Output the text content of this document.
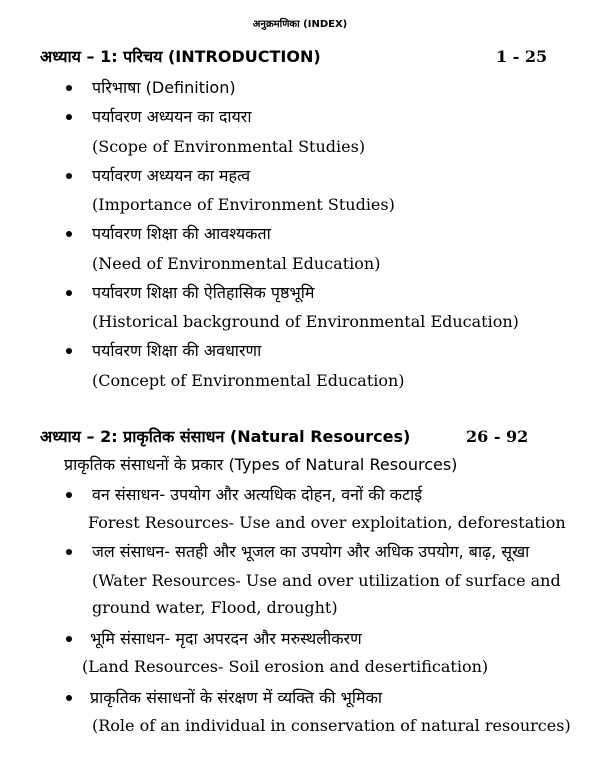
अनुक्रमणिका (INDEX)
अध्याय – 1: परिचय (INTRODUCTION)	1 - 25
परिभाषा (Definition)
पर्यावरण अध्ययन का दायरा
(Scope of Environmental Studies)
पर्यावरण अध्ययन का महत्व
(Importance of Environment Studies)
पर्यावरण शिक्षा की आवश्यकता
(Need of Environmental Education)
पर्यावरण शिक्षा की ऐतिहासिक पृष्ठभूमि
(Historical background of Environmental Education)
पर्यावरण शिक्षा की अवधारणा
(Concept of Environmental Education)
अध्याय – 2: प्राकृतिक संसाधन (Natural Resources)	26 - 92
प्राकृतिक संसाधनों के प्रकार (Types of Natural Resources)
वन संसाधन- उपयोग और अत्यधिक दोहन, वनों की कटाई
Forest Resources- Use and over exploitation, deforestation
जल संसाधन- सतही और भूजल का उपयोग और अधिक उपयोग, बाढ़, सूखा
(Water Resources- Use and over utilization of surface and
ground water, Flood, drought)
भूमि संसाधन- मृदा अपरदन और मरुस्थलीकरण
(Land Resources- Soil erosion and desertification)
प्राकृतिक संसाधनों के संरक्षण में व्यक्ति की भूमिका
(Role of an individual in conservation of natural resources)
